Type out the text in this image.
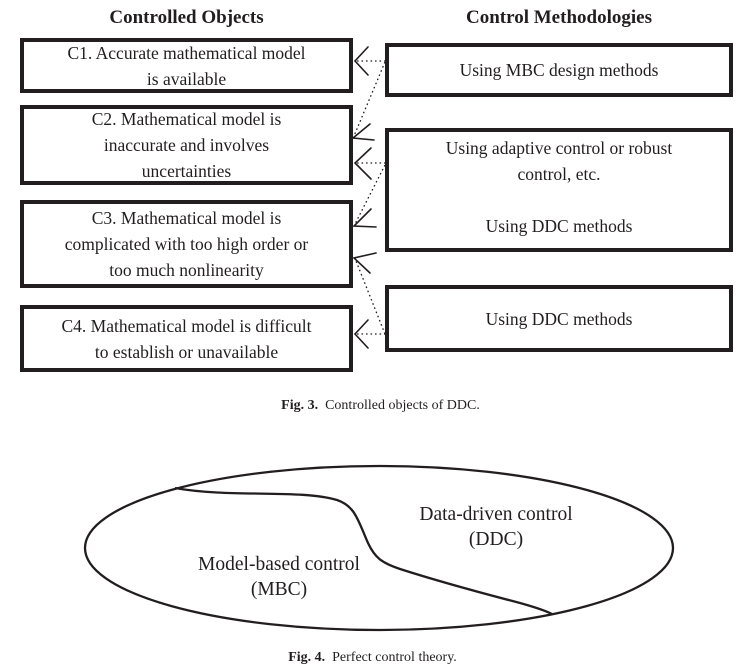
Controlled Objects	Control Methodologies
C1. Accurate mathematical model
is available
C2. Mathematical model is
inaccurate and involves
uncertainties
C3. Mathematical model is
complicated with too high order or
too much nonlinearity
C4. Mathematical model is difficult
to establish or unavailable
Using MBC design methods
Using adaptive control or robust
control, etc.
Using DDC methods
Using DDC methods
Fig. 3. Controlled objects of DDC.
Model-based control
(MBC)
Data-driven control
(DDC)
Fig. 4. Perfect control theory.
